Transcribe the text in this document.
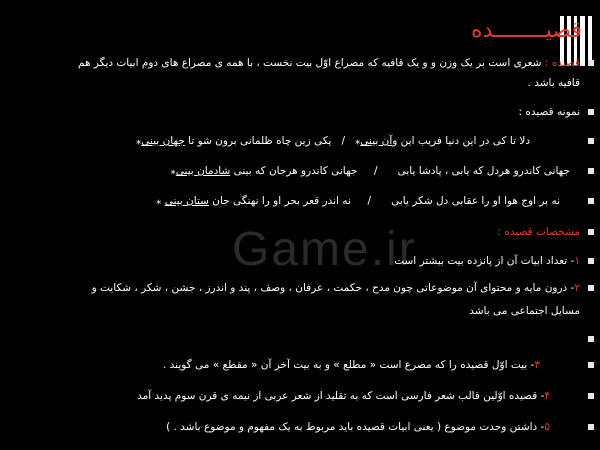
قصیــــــــده
Game.ir
قصیده : شعری است بر یک وزن و و یک قافیه که مصراع اوّل بیت نخست ، با همه ی مصراع های دوم ابیات دیگر هم
قافیه باشد .
نمونه قصیده :
دلا تا کی در این دنیا فریب این وآن بینی⁎   /   یکی زین چاه ظلمانی برون شو تا جهان بینی⁎
جهانی کاندرو هردل که یابی ، پادشا یابی      /     جهانی کاندرو هرجان که بینی شادمان بینی⁎
نه بر اوج هوا او را عقابی دل شکر یابی      /     نه اندر قعر بحر او را نهنگی جان ستان بینی ⁎
مشخصات قصیده :
۱- تعداد ابیات آن از پانزده بیت بیشتر است
۲- درون مایه و محتوای آن موضوعاتی چون مدح ، حکمت ، عرفان ، وصف ، پند و اندرز ، جشن ، شکر ، شکایت و
مسایل اجتماعی می باشد
۳- بیت اوّل قصیده را که مصرع است « مطلع » و به بیت آخر آن « مقطع » می گویند .
۴- قصیده اوّلین قالب شعر فارسی است که به تقلید از شعر عربی از نیمه ی قرن سوم پدید آمد
۵- داشتن وحدت موضوع ( یعنی ابیات قصیده باید مربوط به یک مفهوم و موضوع باشد . )
